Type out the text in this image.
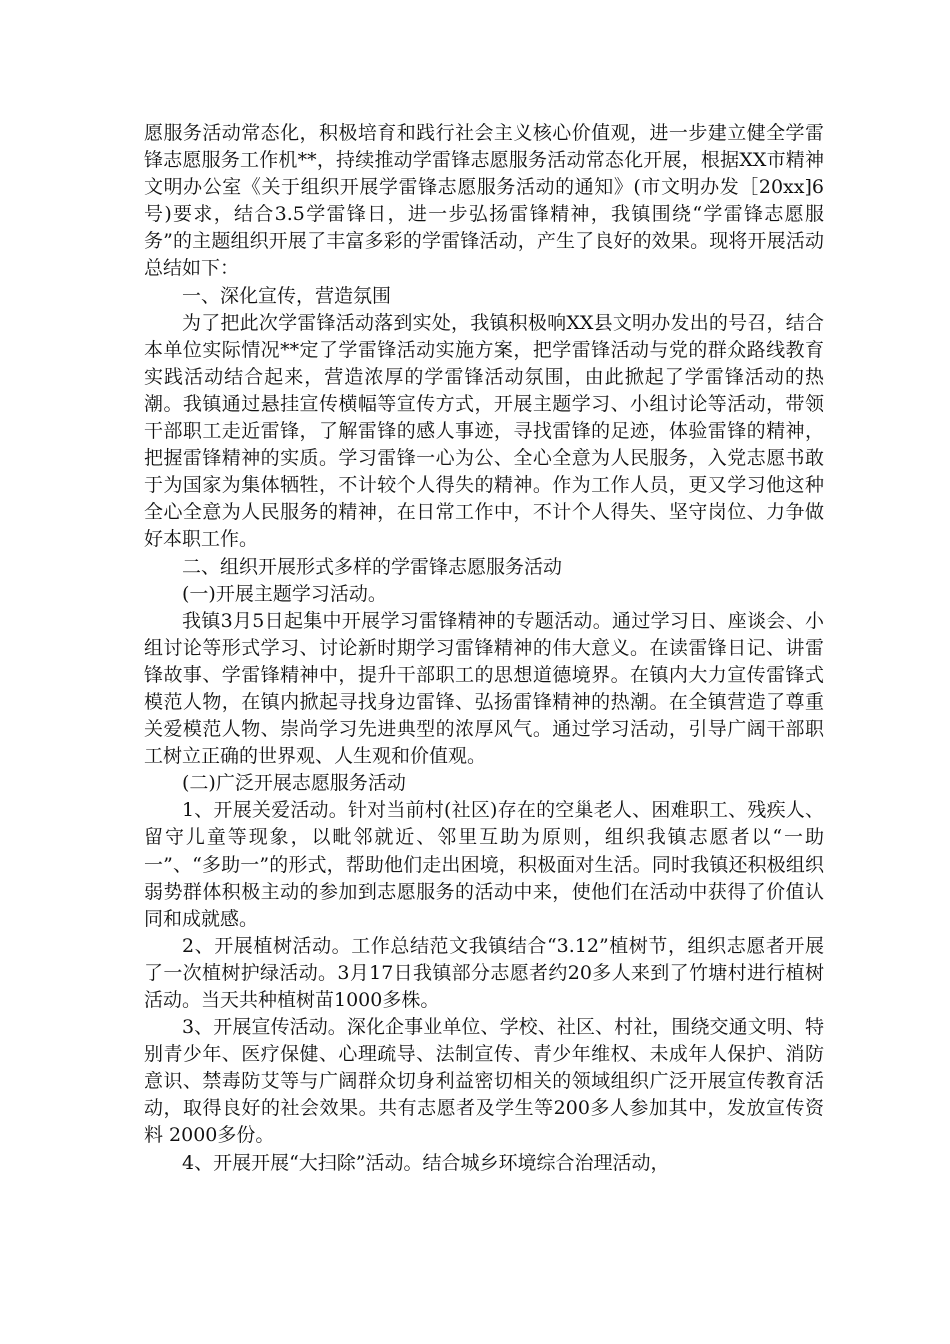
愿服务活动常态化，积极培育和践行社会主义核心价值观，进一步建立健全学雷锋志愿服务工作机**，持续推动学雷锋志愿服务活动常态化开展，根据XX市精神文明办公室《关于组织开展学雷锋志愿服务活动的通知》(市文明办发［20xx]6号)要求，结合3.5学雷锋日，进一步弘扬雷锋精神，我镇围绕“学雷锋志愿服务”的主题组织开展了丰富多彩的学雷锋活动，产生了良好的效果。现将开展活动总结如下：

一、深化宣传，营造氛围

为了把此次学雷锋活动落到实处，我镇积极响XX县文明办发出的号召，结合本单位实际情况**定了学雷锋活动实施方案，把学雷锋活动与党的群众路线教育实践活动结合起来，营造浓厚的学雷锋活动氛围，由此掀起了学雷锋活动的热潮。我镇通过悬挂宣传横幅等宣传方式，开展主题学习、小组讨论等活动，带领干部职工走近雷锋，了解雷锋的感人事迹，寻找雷锋的足迹，体验雷锋的精神，把握雷锋精神的实质。学习雷锋一心为公、全心全意为人民服务，入党志愿书敢于为国家为集体牺牲，不计较个人得失的精神。作为工作人员，更又学习他这种全心全意为人民服务的精神，在日常工作中，不计个人得失、坚守岗位、力争做好本职工作。

二、组织开展形式多样的学雷锋志愿服务活动

(一)开展主题学习活动。

我镇3月5日起集中开展学习雷锋精神的专题活动。通过学习日、座谈会、小组讨论等形式学习、讨论新时期学习雷锋精神的伟大意义。在读雷锋日记、讲雷锋故事、学雷锋精神中，提升干部职工的思想道德境界。在镇内大力宣传雷锋式模范人物，在镇内掀起寻找身边雷锋、弘扬雷锋精神的热潮。在全镇营造了尊重关爱模范人物、崇尚学习先进典型的浓厚风气。通过学习活动，引导广阔干部职工树立正确的世界观、人生观和价值观。

(二)广泛开展志愿服务活动

1、开展关爱活动。针对当前村(社区)存在的空巢老人、困难职工、残疾人、留守儿童等现象，以毗邻就近、邻里互助为原则，组织我镇志愿者以“一助一”、“多助一”的形式，帮助他们走出困境，积极面对生活。同时我镇还积极组织弱势群体积极主动的参加到志愿服务的活动中来，使他们在活动中获得了价值认同和成就感。

2、开展植树活动。工作总结范文我镇结合“3.12”植树节，组织志愿者开展了一次植树护绿活动。3月17日我镇部分志愿者约20多人来到了竹塘村进行植树活动。当天共种植树苗1000多株。

3、开展宣传活动。深化企事业单位、学校、社区、村社，围绕交通文明、特别青少年、医疗保健、心理疏导、法制宣传、青少年维权、未成年人保护、消防意识、禁毒防艾等与广阔群众切身利益密切相关的领域组织广泛开展宣传教育活动，取得良好的社会效果。共有志愿者及学生等200多人参加其中，发放宣传资料 2000多份。

4、开展开展“大扫除”活动。结合城乡环境综合治理活动，
